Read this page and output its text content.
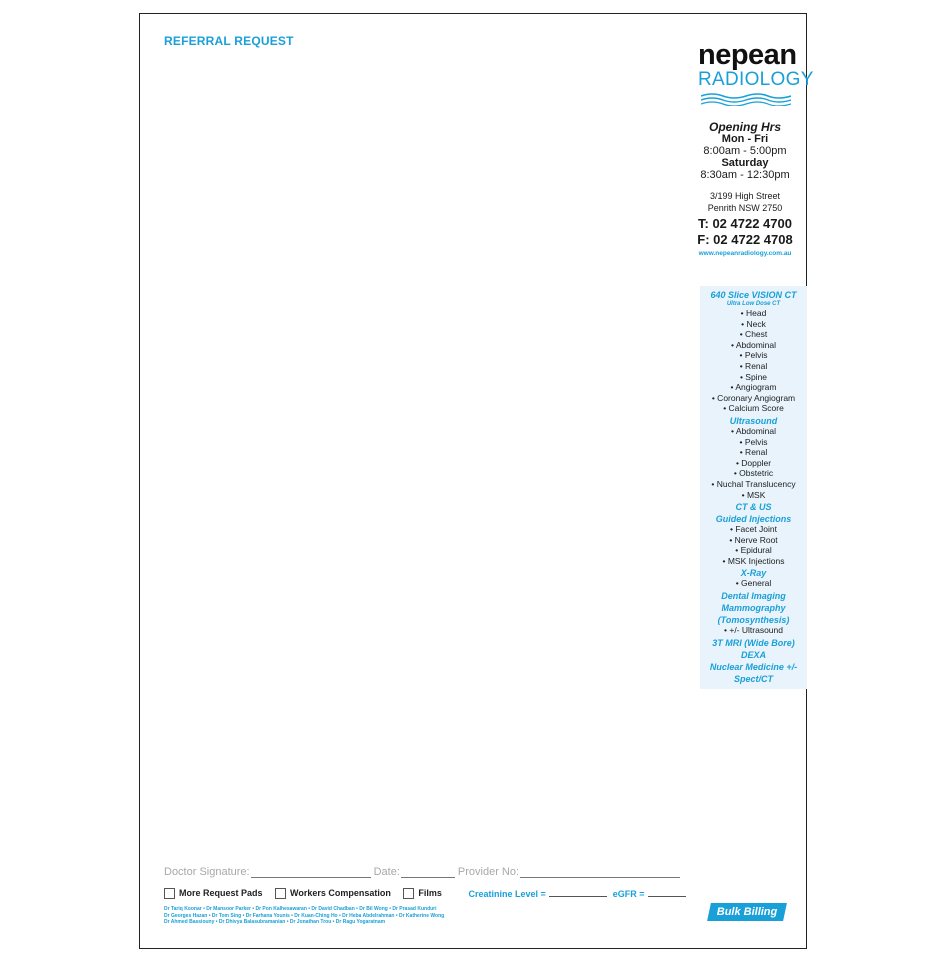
REFERRAL REQUEST	nepean
RADIOLOGY
Opening Hrs
Mon - Fri
8:00am - 5:00pm
Saturday
8:30am - 12:30pm
3/199 High Street
Penrith NSW 2750
T: 02 4722 4700
F: 02 4722 4708
www.nepeanradiology.com.au
640 Slice VISION CT
Ultra Low Dose CT
• Head
• Neck
• Chest
• Abdominal
• Pelvis
• Renal
• Spine
• Angiogram
• Coronary Angiogram
• Calcium Score
Ultrasound
• Abdominal
• Pelvis
• Renal
• Doppler
• Obstetric
• Nuchal Translucency
• MSK
CT & US
Guided Injections
• Facet Joint
• Nerve Root
• Epidural
• MSK Injections
X-Ray
• General
Dental Imaging
Mammography
(Tomosynthesis)
• +/- Ultrasound
3T MRI (Wide Bore)
DEXA
Nuclear Medicine +/-
Spect/CT
Doctor Signature:	Date:	Provider No:
More Request Pads	Workers Compensation	Films	Creatinine Level =	eGFR =
Dr Tariq Koonar • Dr Mansoor Parker • Dr Pon Kalhesawaran • Dr David Chadban • Dr Bil Wong • Dr Prasad Kunduri
Dr Georges Hazan • Dr Tom Sing • Dr Farhana Younis • Dr Kuan-Ching Ho • Dr Heba Abdelrahman • Dr Katherine Wong
Dr Ahmed Bassiouny • Dr Dhivya Balasubramanian • Dr Jonathan Trou • Dr Ragu Yogaratnam
Bulk Billing
